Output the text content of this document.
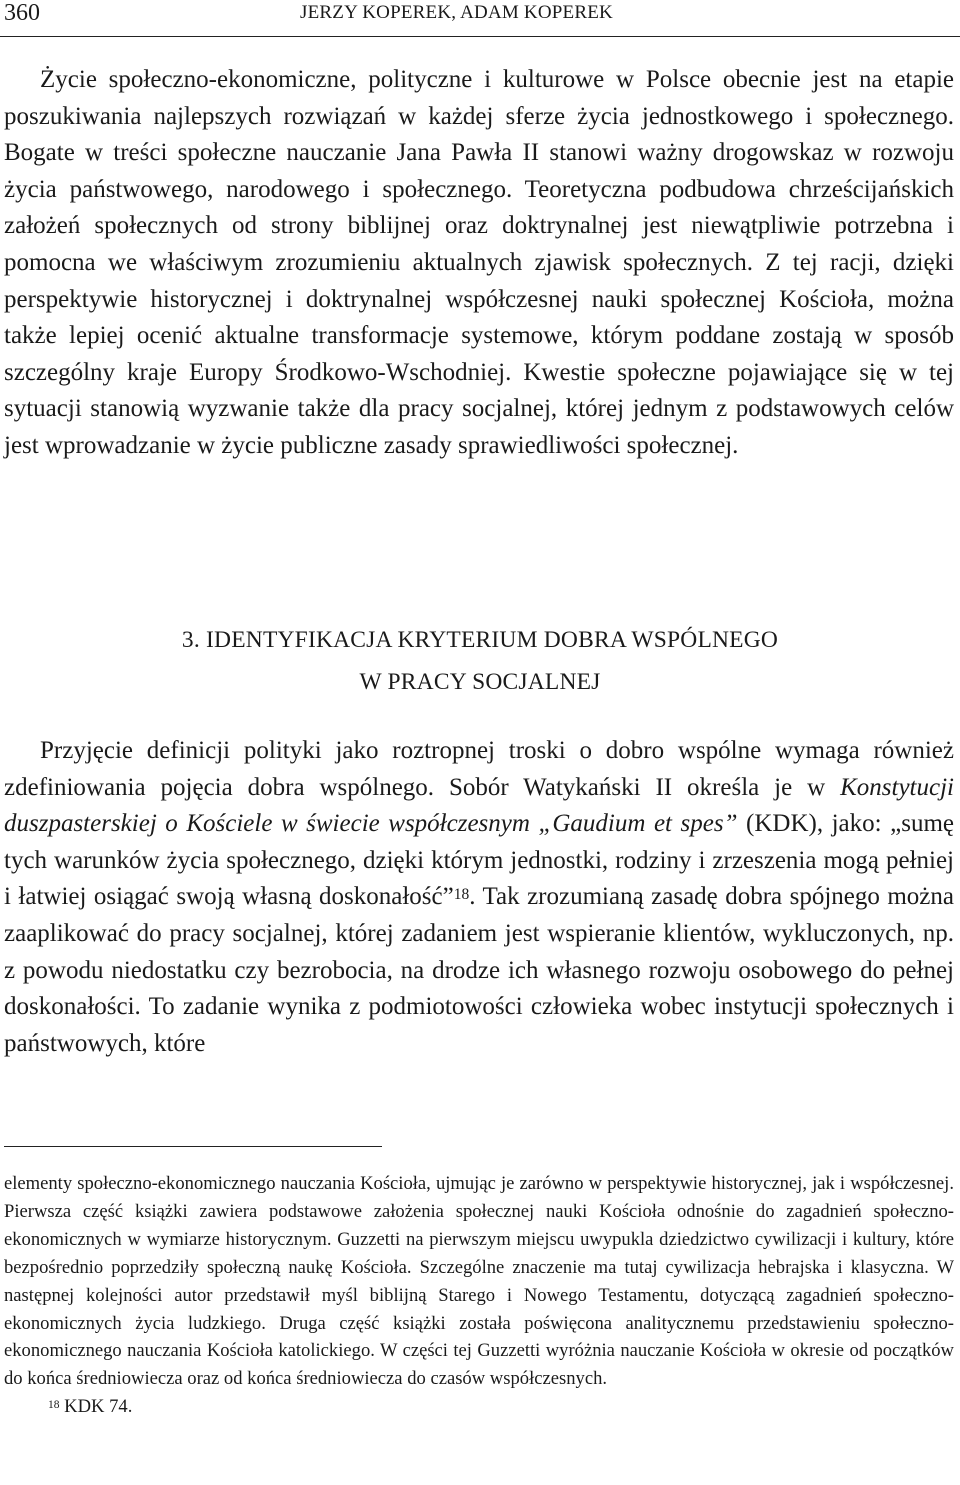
360	JERZY KOPEREK, ADAM KOPEREK

Życie społeczno-ekonomiczne, polityczne i kulturowe w Polsce obecnie jest na etapie poszukiwania najlepszych rozwiązań w każdej sferze życia jednostkowego i społecznego. Bogate w treści społeczne nauczanie Jana Pawła II stanowi ważny drogowskaz w rozwoju życia państwowego, narodowego i społecznego. Teoretyczna podbudowa chrześcijańskich założeń społecznych od strony biblijnej oraz doktrynalnej jest niewątpliwie potrzebna i pomocna we właściwym zrozumieniu aktualnych zjawisk społecznych. Z tej racji, dzięki perspektywie historycznej i doktrynalnej współczesnej nauki społecznej Kościoła, można także lepiej ocenić aktualne transformacje systemowe, którym poddane zostają w sposób szczególny kraje Europy Środkowo-Wschodniej. Kwestie społeczne pojawiające się w tej sytuacji stanowią wyzwanie także dla pracy socjalnej, której jednym z podstawowych celów jest wprowadzanie w życie publiczne zasady sprawiedliwości społecznej.

3. IDENTYFIKACJA KRYTERIUM DOBRA WSPÓLNEGO
W PRACY SOCJALNEJ

Przyjęcie definicji polityki jako roztropnej troski o dobro wspólne wymaga również zdefiniowania pojęcia dobra wspólnego. Sobór Watykański II określa je w Konstytucji duszpasterskiej o Kościele w świecie współczesnym „Gaudium et spes” (KDK), jako: „sumę tych warunków życia społecznego, dzięki którym jednostki, rodziny i zrzeszenia mogą pełniej i łatwiej osiągać swoją własną doskonałość”$^{18}$. Tak zrozumianą zasadę dobra spójnego można zaaplikować do pracy socjalnej, której zadaniem jest wspieranie klientów, wykluczonych, np. z powodu niedostatku czy bezrobocia, na drodze ich własnego rozwoju osobowego do pełnej doskonałości. To zadanie wynika z podmiotowości człowieka wobec instytucji społecznych i państwowych, które

elementy społeczno-ekonomicznego nauczania Kościoła, ujmując je zarówno w perspektywie historycznej, jak i współczesnej. Pierwsza część książki zawiera podstawowe założenia społecznej nauki Kościoła odnośnie do zagadnień społeczno-ekonomicznych w wymiarze historycznym. Guzzetti na pierwszym miejscu uwypukla dziedzictwo cywilizacji i kultury, które bezpośrednio poprzedziły społeczną naukę Kościoła. Szczególne znaczenie ma tutaj cywilizacja hebrajska i klasyczna. W następnej kolejności autor przedstawił myśl biblijną Starego i Nowego Testamentu, dotyczącą zagadnień społeczno-ekonomicznych życia ludzkiego. Druga część książki została poświęcona analitycznemu przedstawieniu społeczno-ekonomicznego nauczania Kościoła katolickiego. W części tej Guzzetti wyróżnia nauczanie Kościoła w okresie od początków do końca średniowiecza oraz od końca średniowiecza do czasów współczesnych.

$^{18}$ KDK 74.
